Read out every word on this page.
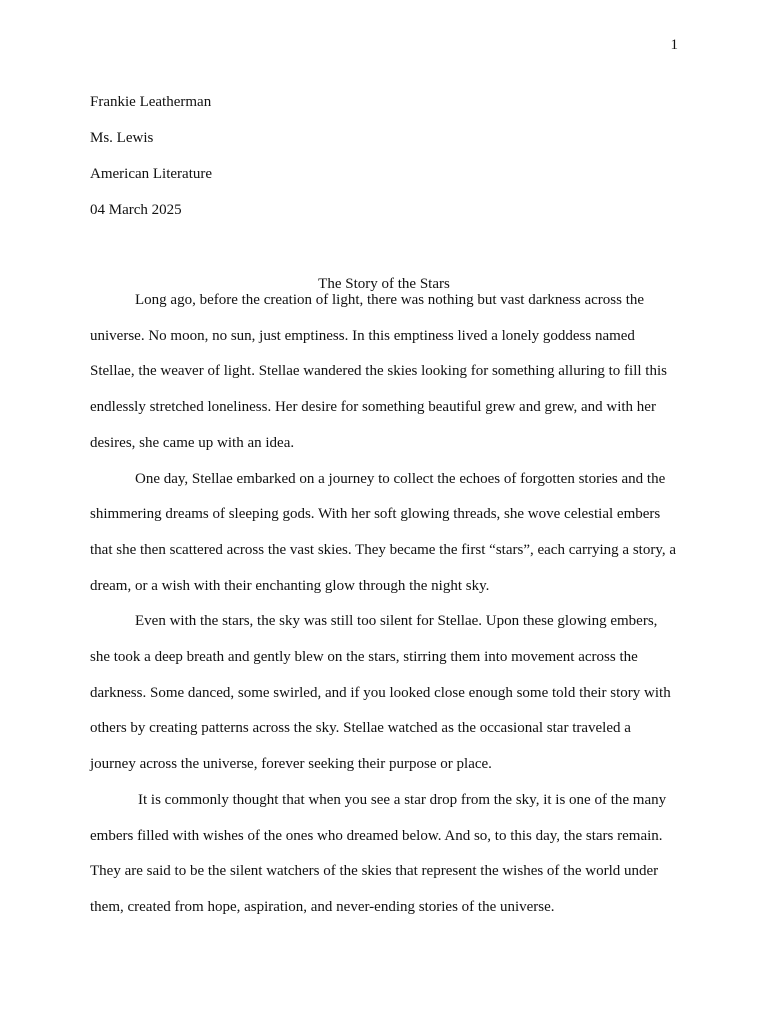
1
Frankie Leatherman
Ms. Lewis
American Literature
04 March 2025
The Story of the Stars

Long ago, before the creation of light, there was nothing but vast darkness across the universe. No moon, no sun, just emptiness. In this emptiness lived a lonely goddess named Stellae, the weaver of light. Stellae wandered the skies looking for something alluring to fill this endlessly stretched loneliness. Her desire for something beautiful grew and grew, and with her desires, she came up with an idea.

One day, Stellae embarked on a journey to collect the echoes of forgotten stories and the shimmering dreams of sleeping gods. With her soft glowing threads, she wove celestial embers that she then scattered across the vast skies. They became the first “stars”, each carrying a story, a dream, or a wish with their enchanting glow through the night sky.

Even with the stars, the sky was still too silent for Stellae. Upon these glowing embers, she took a deep breath and gently blew on the stars, stirring them into movement across the darkness. Some danced, some swirled, and if you looked close enough some told their story with others by creating patterns across the sky. Stellae watched as the occasional star traveled a journey across the universe, forever seeking their purpose or place.

It is commonly thought that when you see a star drop from the sky, it is one of the many embers filled with wishes of the ones who dreamed below. And so, to this day, the stars remain. They are said to be the silent watchers of the skies that represent the wishes of the world under them, created from hope, aspiration, and never-ending stories of the universe.
